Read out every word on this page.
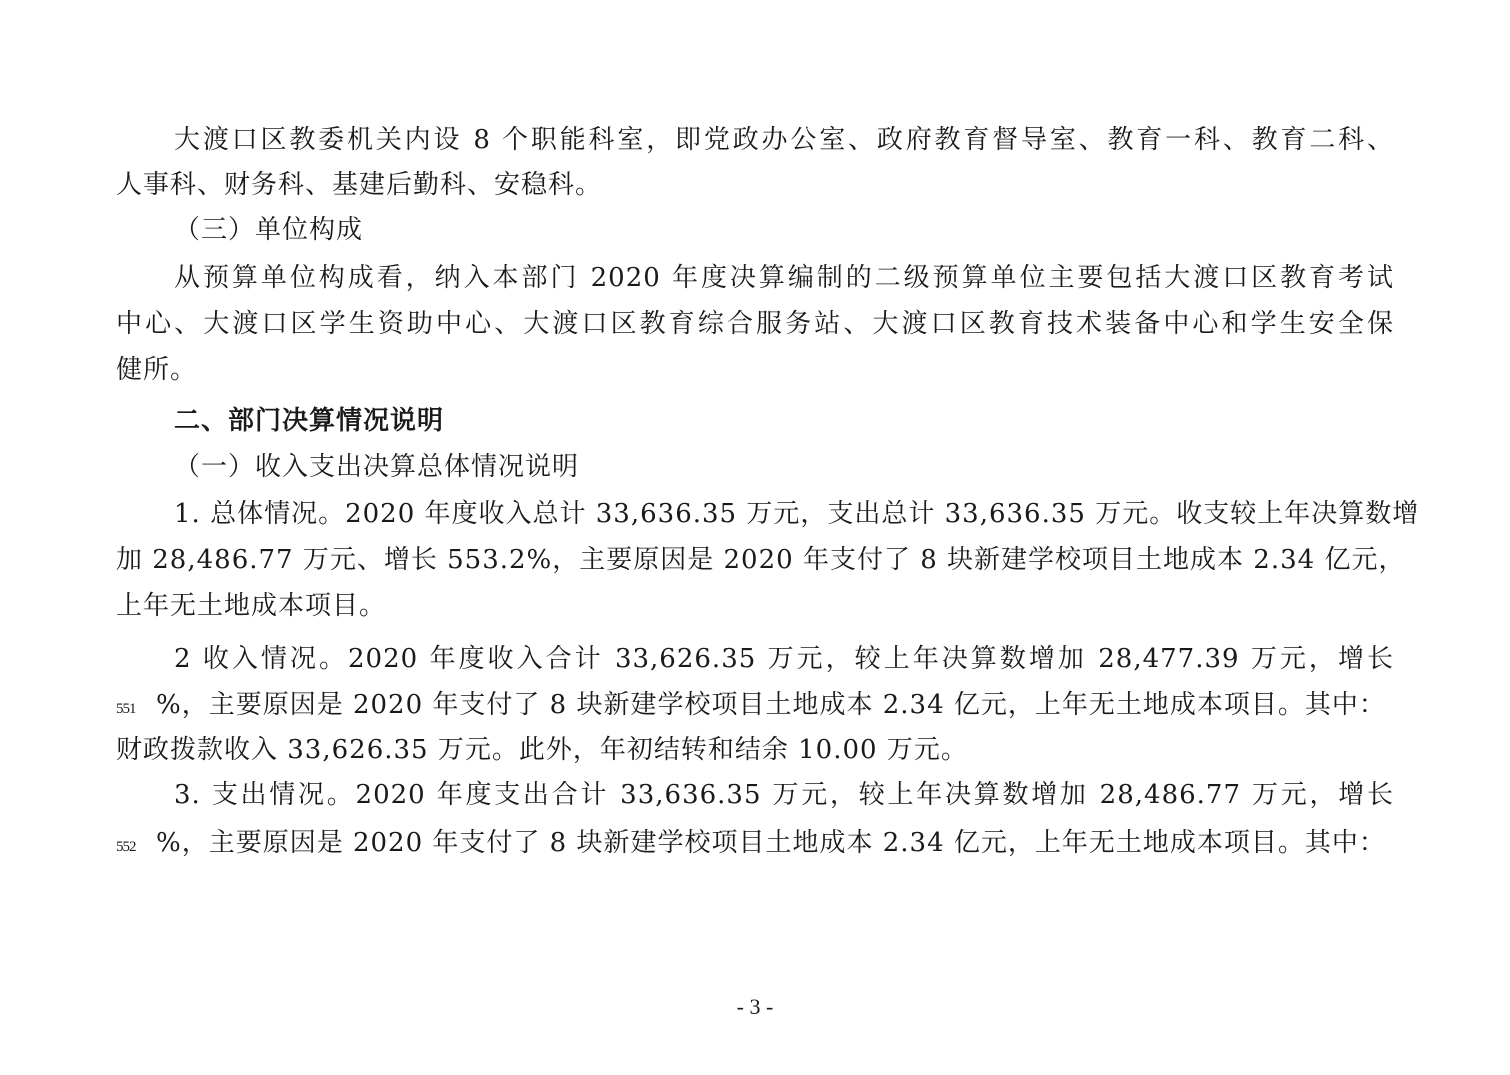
大渡口区教委机关内设 8 个职能科室，即党政办公室、政府教育督导室、教育一科、教育二科、
人事科、财务科、基建后勤科、安稳科。
（三）单位构成
从预算单位构成看，纳入本部门 2020 年度决算编制的二级预算单位主要包括大渡口区教育考试
中心、大渡口区学生资助中心、大渡口区教育综合服务站、大渡口区教育技术装备中心和学生安全保
健所。
二、部门决算情况说明
（一）收入支出决算总体情况说明
1. 总体情况。2020 年度收入总计 33,636.35 万元，支出总计 33,636.35 万元。收支较上年决算数增
加 28,486.77 万元、增长 553.2%，主要原因是 2020 年支付了 8 块新建学校项目土地成本 2.34 亿元，
上年无土地成本项目。
2 收入情况。2020 年度收入合计 33,626.35 万元，较上年决算数增加 28,477.39 万元，增长
551 %，主要原因是 2020 年支付了 8 块新建学校项目土地成本 2.34 亿元，上年无土地成本项目。其中：
财政拨款收入 33,626.35 万元。此外，年初结转和结余 10.00 万元。
3. 支出情况。2020 年度支出合计 33,636.35 万元，较上年决算数增加 28,486.77 万元，增长
552 %，主要原因是 2020 年支付了 8 块新建学校项目土地成本 2.34 亿元，上年无土地成本项目。其中：
- 3 -
